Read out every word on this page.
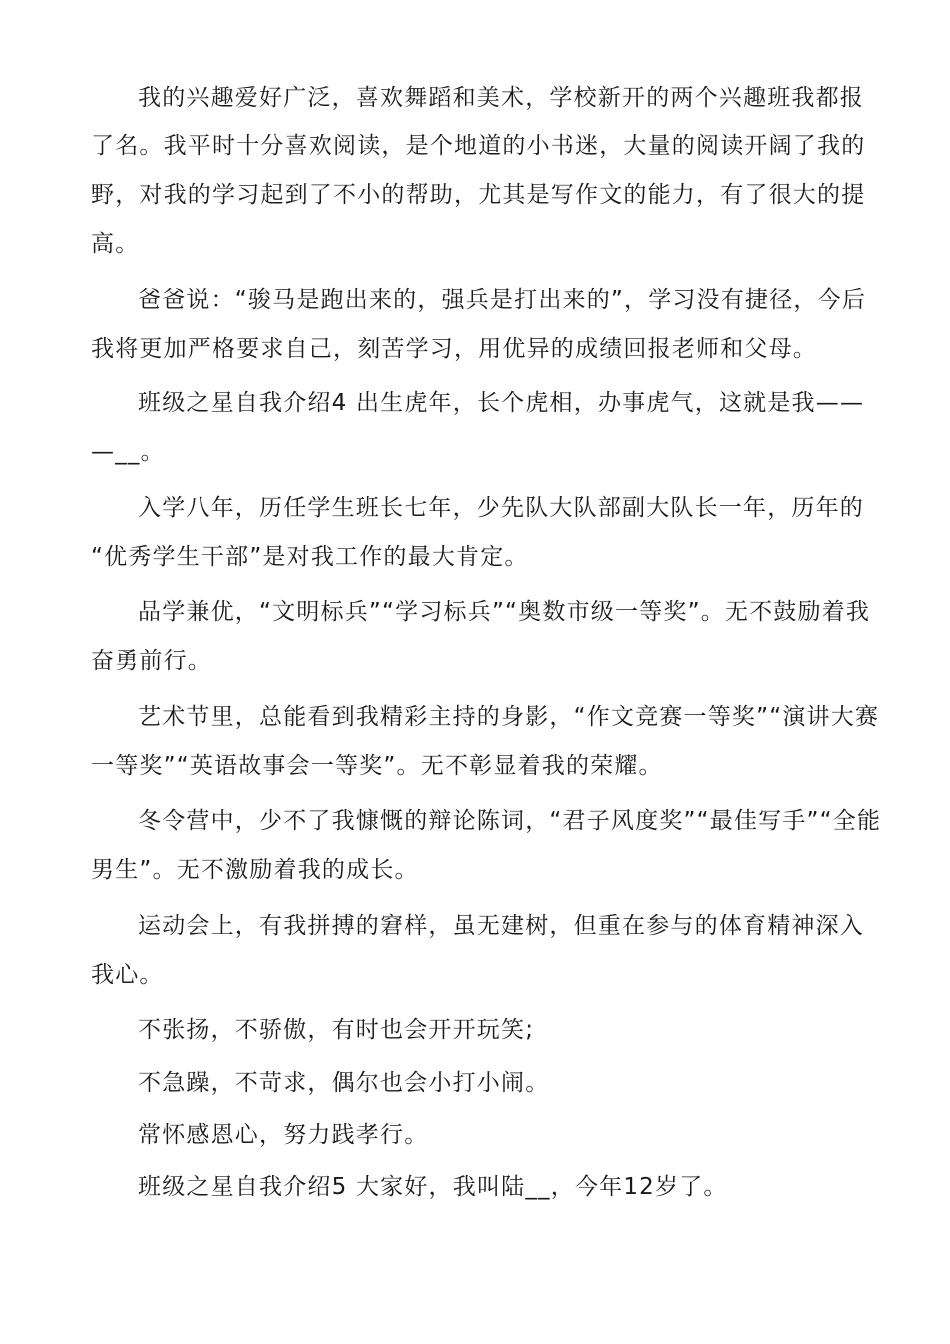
我的兴趣爱好广泛，喜欢舞蹈和美术，学校新开的两个兴趣班我都报
了名。我平时十分喜欢阅读，是个地道的小书迷，大量的阅读开阔了我的
野，对我的学习起到了不小的帮助，尤其是写作文的能力，有了很大的提
高。
爸爸说：“骏马是跑出来的，强兵是打出来的”，学习没有捷径，今后
我将更加严格要求自己，刻苦学习，用优异的成绩回报老师和父母。
班级之星自我介绍4 出生虎年，长个虎相，办事虎气，这就是我——
—__。
入学八年，历任学生班长七年，少先队大队部副大队长一年，历年的
“优秀学生干部”是对我工作的最大肯定。
品学兼优，“文明标兵”“学习标兵”“奥数市级一等奖”。无不鼓励着我
奋勇前行。
艺术节里，总能看到我精彩主持的身影，“作文竞赛一等奖”“演讲大赛
一等奖”“英语故事会一等奖”。无不彰显着我的荣耀。
冬令营中，少不了我慷慨的辩论陈词，“君子风度奖”“最佳写手”“全能
男生”。无不激励着我的成长。
运动会上，有我拼搏的窘样，虽无建树，但重在参与的体育精神深入
我心。
不张扬，不骄傲，有时也会开开玩笑;
不急躁，不苛求，偶尔也会小打小闹。
常怀感恩心，努力践孝行。
班级之星自我介绍5 大家好，我叫陆__，今年12岁了。
